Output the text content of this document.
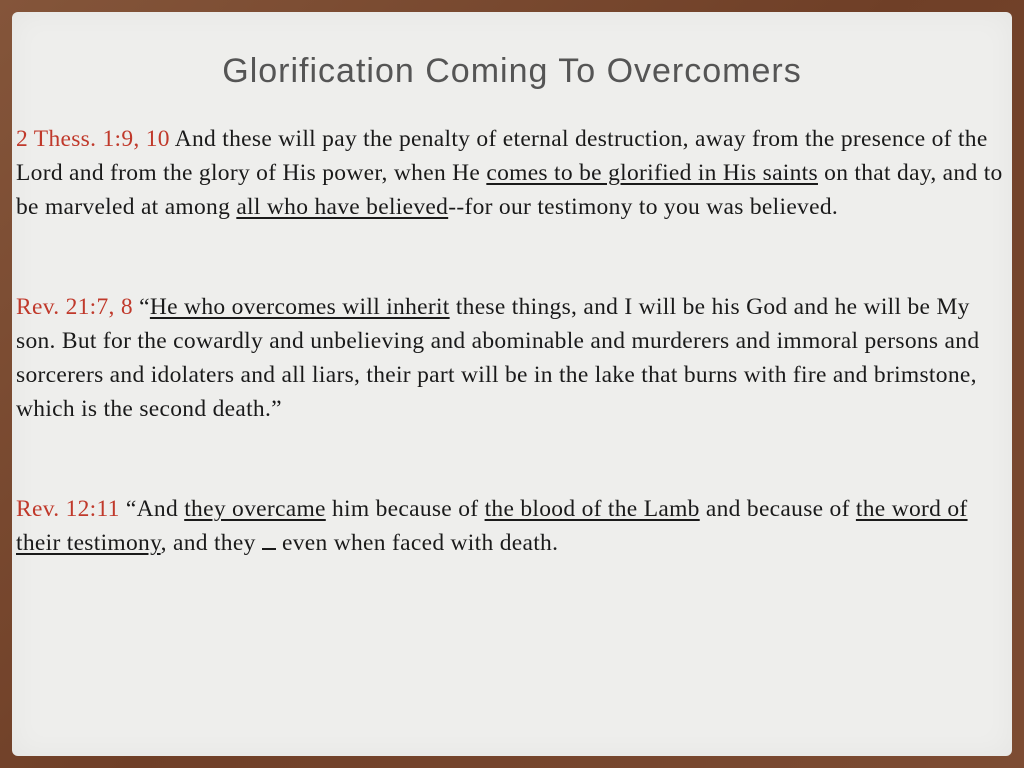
Glorification Coming To Overcomers

2 Thess. 1:9, 10 And these will pay the penalty of eternal destruction, away from the presence of the Lord and from the glory of His power, when He comes to be glorified in His saints on that day, and to be marveled at among all who have believed--for our testimony to you was believed.

Rev. 21:7, 8 “He who overcomes will inherit these things, and I will be his God and he will be My son. But for the cowardly and unbelieving and abominable and murderers and immoral persons and sorcerers and idolaters and all liars, their part will be in the lake that burns with fire and brimstone, which is the second death.”

Rev. 12:11 “And they overcame him because of the blood of the Lamb and because of the word of their testimony, and they  even when faced with death.
